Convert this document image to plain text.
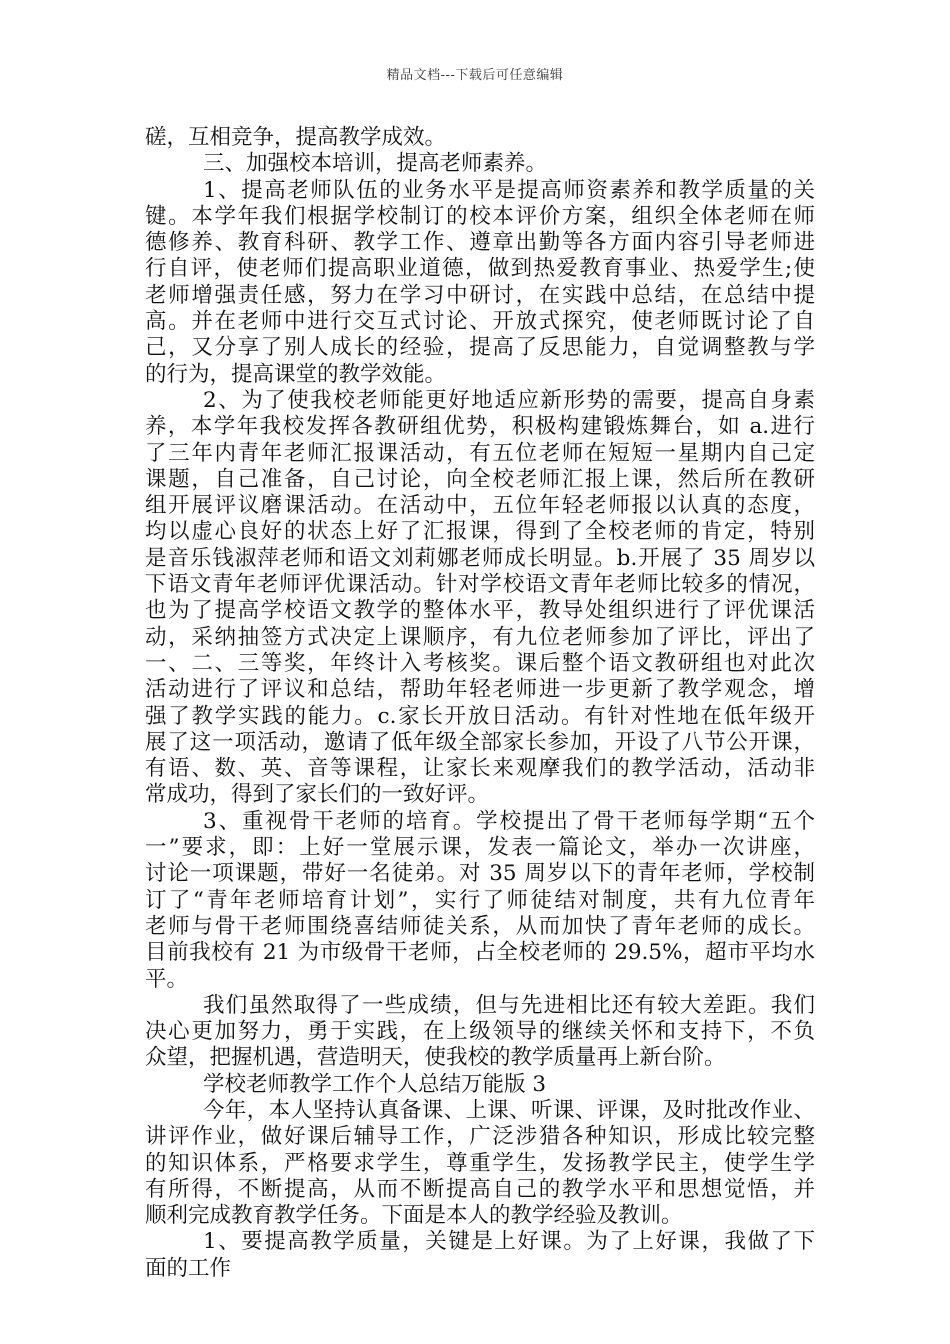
精品文档---下载后可任意编辑
磋，互相竞争，提高教学成效。
三、加强校本培训，提高老师素养。
1、提高老师队伍的业务水平是提高师资素养和教学质量的关
键。本学年我们根据学校制订的校本评价方案，组织全体老师在师
德修养、教育科研、教学工作、遵章出勤等各方面内容引导老师进
行自评，使老师们提高职业道德，做到热爱教育事业、热爱学生;使
老师增强责任感，努力在学习中研讨，在实践中总结，在总结中提
高。并在老师中进行交互式讨论、开放式探究，使老师既讨论了自
己，又分享了别人成长的经验，提高了反思能力，自觉调整教与学
的行为，提高课堂的教学效能。
2、为了使我校老师能更好地适应新形势的需要，提高自身素
养，本学年我校发挥各教研组优势，积极构建锻炼舞台，如 a.进行
了三年内青年老师汇报课活动，有五位老师在短短一星期内自己定
课题，自己准备，自己讨论，向全校老师汇报上课，然后所在教研
组开展评议磨课活动。在活动中，五位年轻老师报以认真的态度，
均以虚心良好的状态上好了汇报课，得到了全校老师的肯定，特别
是音乐钱淑萍老师和语文刘莉娜老师成长明显。b.开展了 35 周岁以
下语文青年老师评优课活动。针对学校语文青年老师比较多的情况，
也为了提高学校语文教学的整体水平，教导处组织进行了评优课活
动，采纳抽签方式决定上课顺序，有九位老师参加了评比，评出了
一、二、三等奖，年终计入考核奖。课后整个语文教研组也对此次
活动进行了评议和总结，帮助年轻老师进一步更新了教学观念，增
强了教学实践的能力。c.家长开放日活动。有针对性地在低年级开
展了这一项活动，邀请了低年级全部家长参加，开设了八节公开课，
有语、数、英、音等课程，让家长来观摩我们的教学活动，活动非
常成功，得到了家长们的一致好评。
3、重视骨干老师的培育。学校提出了骨干老师每学期“五个
一”要求，即：上好一堂展示课，发表一篇论文，举办一次讲座，
讨论一项课题，带好一名徒弟。对 35 周岁以下的青年老师，学校制
订了“青年老师培育计划”，实行了师徒结对制度，共有九位青年
老师与骨干老师围绕喜结师徒关系，从而加快了青年老师的成长。
目前我校有 21 为市级骨干老师，占全校老师的 29.5%，超市平均水
平。
我们虽然取得了一些成绩，但与先进相比还有较大差距。我们
决心更加努力，勇于实践，在上级领导的继续关怀和支持下，不负
众望，把握机遇，营造明天，使我校的教学质量再上新台阶。
学校老师教学工作个人总结万能版 3
今年，本人坚持认真备课、上课、听课、评课，及时批改作业、
讲评作业，做好课后辅导工作，广泛涉猎各种知识，形成比较完整
的知识体系，严格要求学生，尊重学生，发扬教学民主，使学生学
有所得，不断提高，从而不断提高自己的教学水平和思想觉悟，并
顺利完成教育教学任务。下面是本人的教学经验及教训。
1、要提高教学质量，关键是上好课。为了上好课，我做了下
面的工作
